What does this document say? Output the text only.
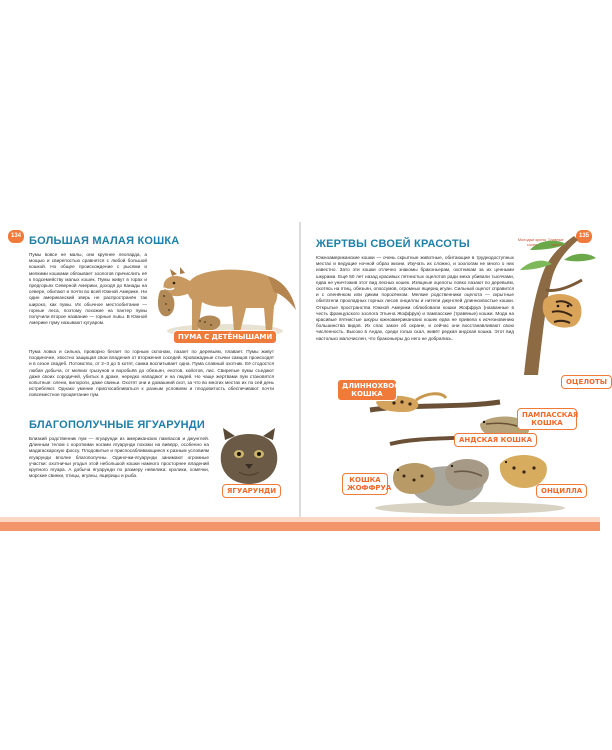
134 БОЛЬШАЯ МАЛАЯ КОШКА

Пумы вовсе не малы, они крупнее леопарда, а мощью и свирепостью сравнятся с любой большой кошкой. Но общее происхождение с рысями и мелкими кошками обязывает зоологов причислить её к подсемейству малых кошек. Пумы живут в горах и предгорьях Северной Америки, доходя до Канады на севере, обитают и почти во всей Южной Америке. Ни один американский зверь не распространён так широко, как пумы. Их обычное местообитание — горные леса, поэтому похожие на пантер пумы получили второе название — горные львы. В Южной Америке пуму называют кугуаром.

Пума ловка и сильна, проворно бегает по горным склонам, лазает по деревьям, плавает. Пумы живут поодиночке, хвостно защищая свои владения от вторжения соседей. Кровожадные стычки самцов происходят и в сезон свадеб. Потомство, от 2–3 до 5 котят, самка воспитывает одна. Пума славный охотник. Её стодостся любая добыча, от мелких грызунов и воробьёв до обезьян, енотов, койотов, лис. Свирепые пумы съедают даже своих сородичей, убитых в драке, нередко нападают и на людей. Но чаще жертвами пум становятся копытные: олени, вилороги, даже свиньи. Охотят они и домашний скот, за что во многих местах их по сей день истребляют. Однако умение приспосабливаться к разным условиям и плодовитость обеспечивают почти повсеместное процветание пум.

ПУМА С ДЕТЁНЫШАМИ
БЛАГОПОЛУЧНЫЕ ЯГУАРУНДИ

Близкий родственник пум — ягуарунди из американских пампасов и джунглей. Длинным телом с короткими ногами ягуарунди похожи на виверр, особенно на мадагаскарскую фоссу. Плодовитые и приспосабливающиеся к разным условиям ягуарунди вполне благополучны. Одиночки-ягуарунди занимают огромные участки: охотничьи угодья этой небольшой кошки намного просторнее владений крупного ягуара. А добыча ягуарунди по размеру невелика: кролики, хомячки, морские свинки, птицы, игуаны, ящерицы и рыба.

ЯГУАРУНДИ
ЖЕРТВЫ СВОЕЙ КРАСОТЫ

Южноамериканские кошки — очень скрытные животные, обитающие в труднодоступных местах и ведущие ночной образ жизни. Изучать их сложно, и зоологам не много о них известно. Зато эти кошки отлично знакомы браконьерам, охотникам за их ценными шкурами. Ещё 50 лет назад красивых пятнистых оцелотов ради меха убивали тысячами, едва не уничтожив этот вид лесных кошек. Изящные оцелоты ловко лазают по деревьям, охотясь на птиц, обезьян, опоссумов, огромных ящериц игуан. Сильный оцелот справится и с оленёнком или диким поросёнком. Мелкие родственники оцелота — скрытные обитатели прохладных горных лесов онциллы и нители джунглей длиннохвостые кошки. Открытые пространства Южной Америки облюбовали кошки Жоффруа (названные в честь французского зоолога Этьена Жоффруа) и пампасские (травяные) кошки. Мода на красивые пятнистые шкуры южноамериканских кошек едва не привела к исчезновению большинства видов. Их спас закон об охране, и сейчас они восстанавливают свою численность. Высоко в Андах, среди голых скал, живёт редкая андская кошка. Этот вид настолько малочислен, что браконьеры до него не добрались.

135
Молодые кроны сосен
Главные части
ОЦЕЛОТЫ
ДЛИННОХВОСТАЯ КОШКА
ПАМПАССКАЯ КОШКА
АНДСКАЯ КОШКА
КОШКА ЖОФФРУА	ОНЦИЛЛА
